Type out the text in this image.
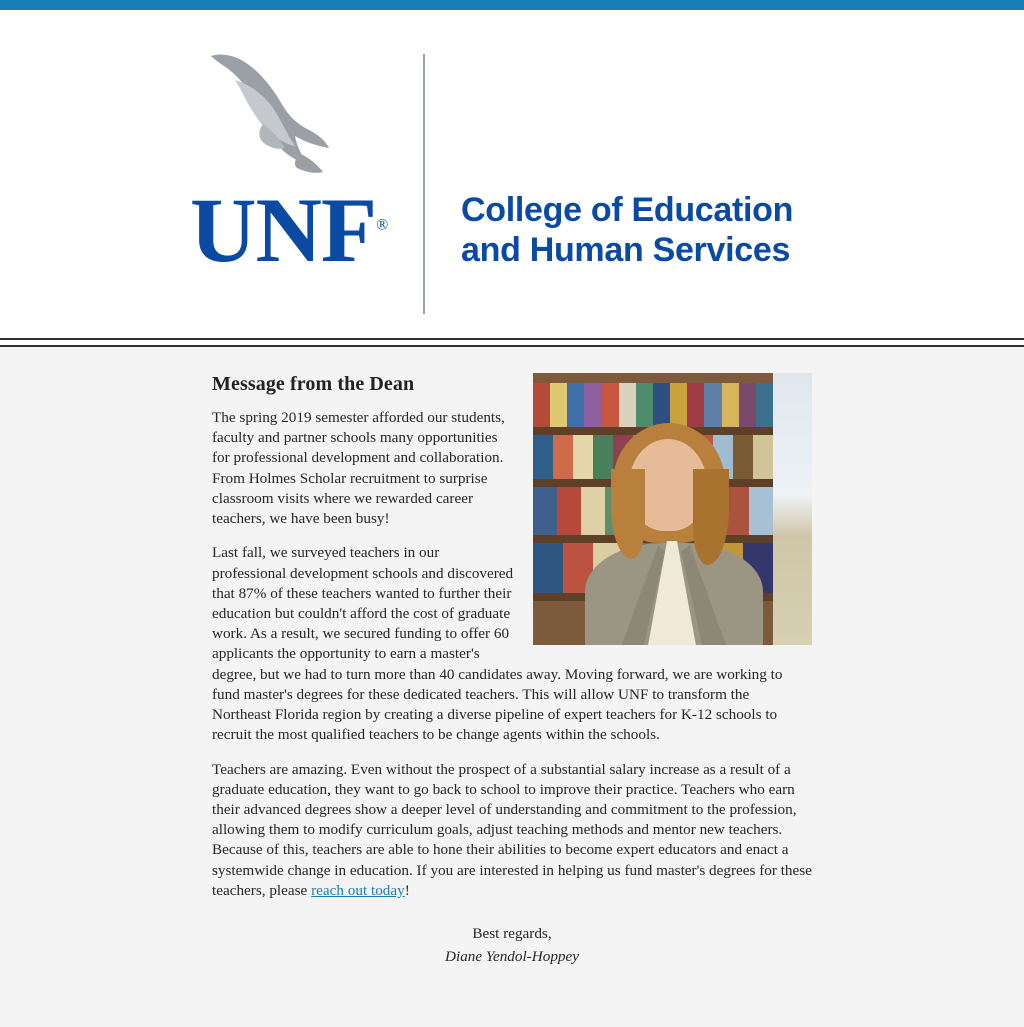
UNF®	College of Education
and Human Services
Message from the Dean

The spring 2019 semester afforded our students, faculty and partner schools many opportunities for professional development and collaboration. From Holmes Scholar recruitment to surprise classroom visits where we rewarded career teachers, we have been busy!

Last fall, we surveyed teachers in our professional development schools and discovered that 87% of these teachers wanted to further their education but couldn't afford the cost of graduate work. As a result, we secured funding to offer 60 applicants the opportunity to earn a master's degree, but we had to turn more than 40 candidates away. Moving forward, we are working to fund master's degrees for these dedicated teachers. This will allow UNF to transform the Northeast Florida region by creating a diverse pipeline of expert teachers for K-12 schools to recruit the most qualified teachers to be change agents within the schools.

Teachers are amazing. Even without the prospect of a substantial salary increase as a result of a graduate education, they want to go back to school to improve their practice. Teachers who earn their advanced degrees show a deeper level of understanding and commitment to the profession, allowing them to modify curriculum goals, adjust teaching methods and mentor new teachers. Because of this, teachers are able to hone their abilities to become expert educators and enact a systemwide change in education. If you are interested in helping us fund master's degrees for these teachers, please reach out today!

Best regards,
Diane Yendol-Hoppey
